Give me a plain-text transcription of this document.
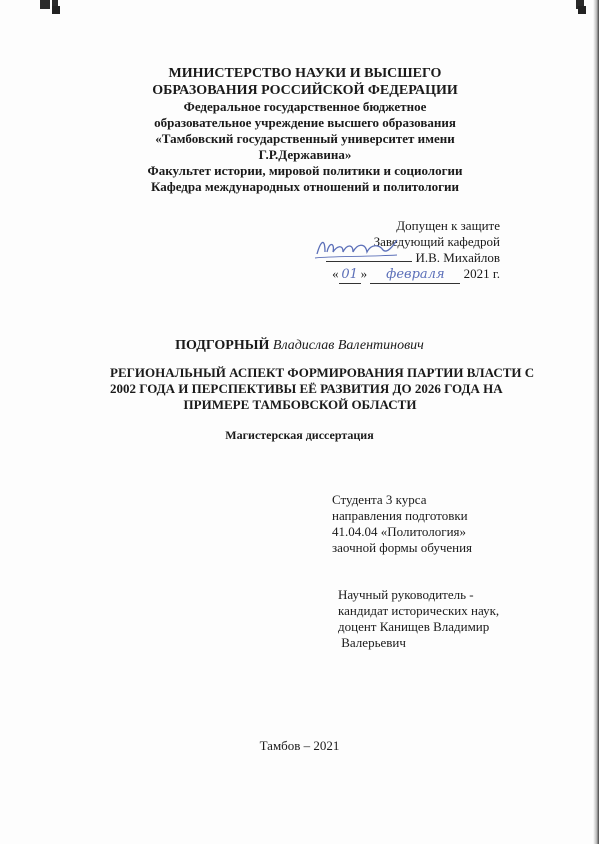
МИНИСТЕРСТВО НАУКИ И ВЫСШЕГО
ОБРАЗОВАНИЯ РОССИЙСКОЙ ФЕДЕРАЦИИ
Федеральное государственное бюджетное
образовательное учреждение высшего образования
«Тамбовский государственный университет имени
Г.Р.Державина»
Факультет истории, мировой политики и социологии
Кафедра международных отношений и политологии
Допущен к защите
Заведующий кафедрой
И.В. Михайлов
« 01 » февраля 2021 г.
ПОДГОРНЫЙ Владислав Валентинович
РЕГИОНАЛЬНЫЙ АСПЕКТ ФОРМИРОВАНИЯ ПАРТИИ ВЛАСТИ С
2002 ГОДА И ПЕРСПЕКТИВЫ ЕЁ РАЗВИТИЯ ДО 2026 ГОДА НА
ПРИМЕРЕ ТАМБОВСКОЙ ОБЛАСТИ
Магистерская диссертация
Студента 3 курса
направления подготовки
41.04.04 «Политология»
заочной формы обучения
Научный руководитель -
кандидат исторических наук,
доцент Канищев Владимир
Валерьевич
Тамбов – 2021
